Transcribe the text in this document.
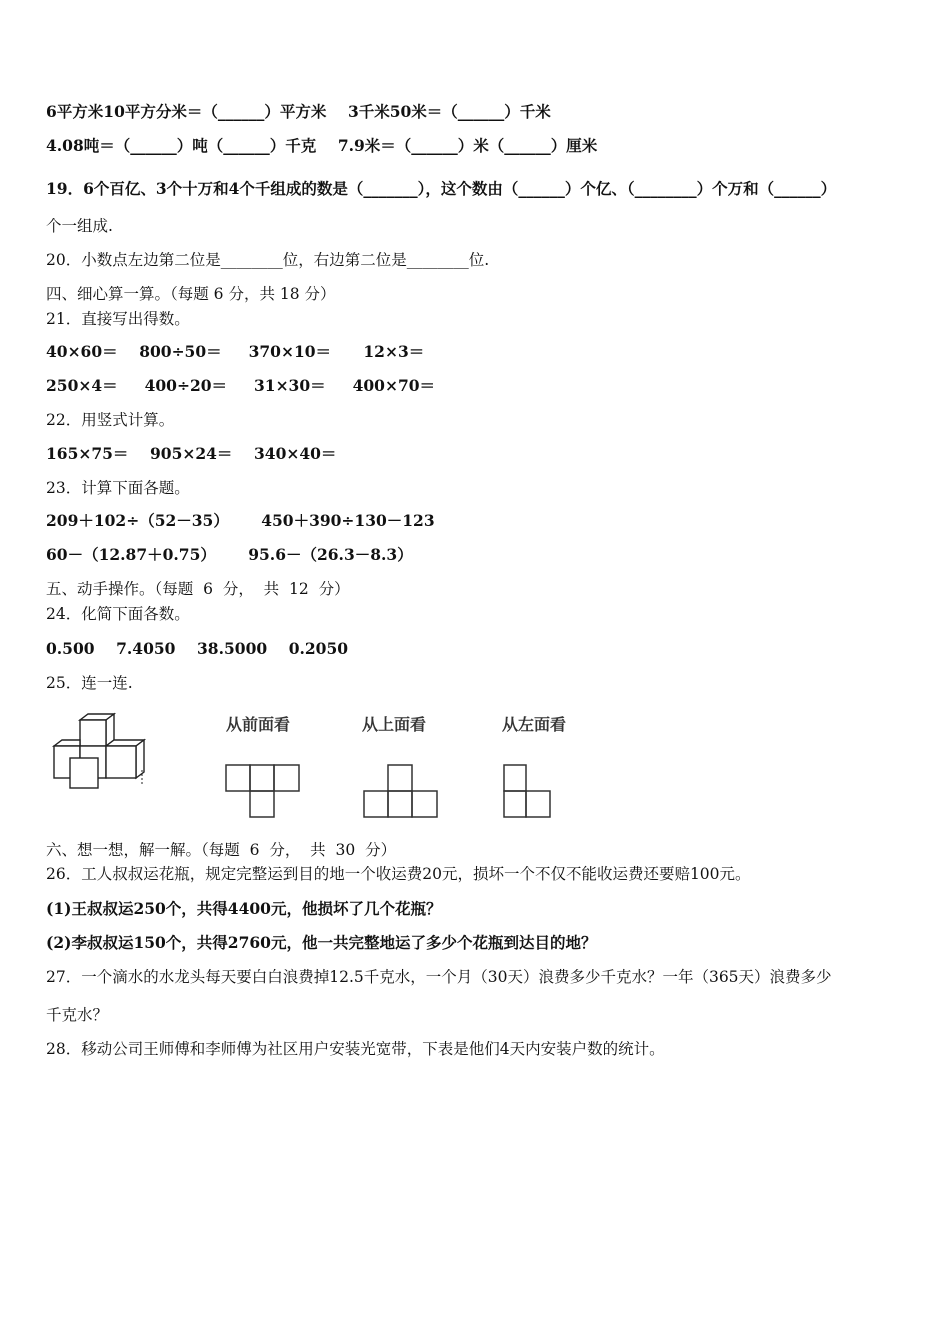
6平方米10平方分米＝（______）平方米    3千米50米＝（______）千米
4.08吨＝（______）吨（______）千克    7.9米＝（______）米（______）厘米
19．6个百亿、3个十万和4个千组成的数是（_______），这个数由（______）个亿、（________）个万和（______）
个一组成.
20．小数点左边第二位是________位，右边第二位是________位.
四、细心算一算。（每题 6 分，共 18 分）
21．直接写出得数。
40×60＝    800÷50＝     370×10＝      12×3＝
250×4＝     400÷20＝     31×30＝     400×70＝
22．用竖式计算。
165×75＝    905×24＝    340×40＝
23．计算下面各题。
209＋102÷（52－35）      450＋390÷130－123
60－（12.87＋0.75）      95.6－（26.3－8.3）
五、动手操作。（每题  6  分，  共  12  分）
24．化简下面各数。
0.500    7.4050    38.5000    0.2050
25．连一连.
从前面看	从上面看	从左面看
六、想一想，解一解。（每题  6  分，  共  30  分）
26．工人叔叔运花瓶，规定完整运到目的地一个收运费20元，损坏一个不仅不能收运费还要赔100元。
(1)王叔叔运250个，共得4400元，他损坏了几个花瓶？
(2)李叔叔运150个，共得2760元，他一共完整地运了多少个花瓶到达目的地？
27．一个滴水的水龙头每天要白白浪费掉12.5千克水，一个月（30天）浪费多少千克水？一年（365天）浪费多少
千克水？
28．移动公司王师傅和李师傅为社区用户安装光宽带，下表是他们4天内安装户数的统计。
